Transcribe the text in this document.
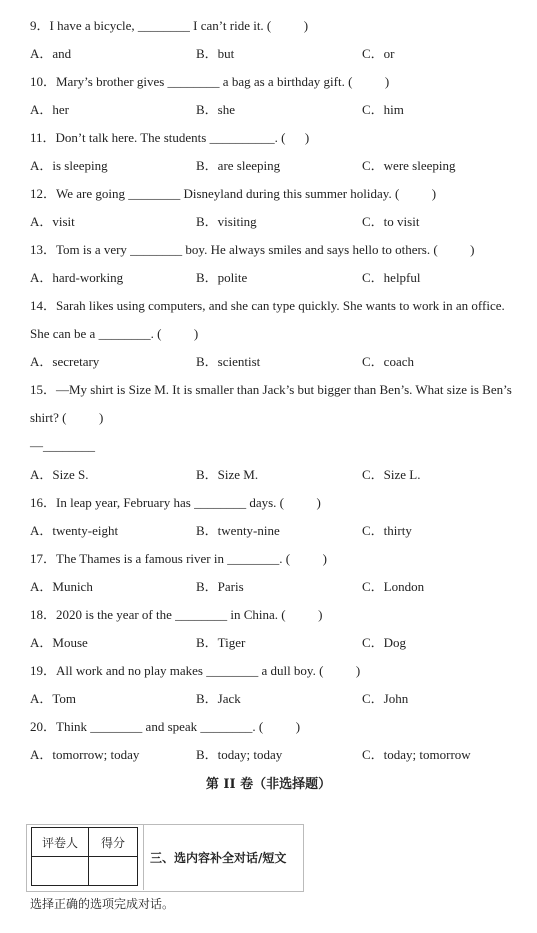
9．I have a bicycle, ________ I can’t ride it. (          )
A．and	B．but	C．or
10．Mary’s brother gives ________ a bag as a birthday gift. (          )
A．her	B．she	C．him
11．Don’t talk here. The students __________. (      )
A．is sleeping	B．are sleeping	C．were sleeping
12．We are going ________ Disneyland during this summer holiday. (          )
A．visit	B．visiting	C．to visit
13．Tom is a very ________ boy. He always smiles and says hello to others. (          )
A．hard-working	B．polite	C．helpful
14．Sarah likes using computers, and she can type quickly. She wants to work in an office.
She can be a ________. (          )
A．secretary	B．scientist	C．coach
15．—My shirt is Size M. It is smaller than Jack’s but bigger than Ben’s. What size is Ben’s
shirt? (          )
—________
A．Size S.	B．Size M.	C．Size L.
16．In leap year, February has ________ days. (          )
A．twenty-eight	B．twenty-nine	C．thirty
17．The Thames is a famous river in ________. (          )
A．Munich	B．Paris	C．London
18．2020 is the year of the ________ in China. (          )
A．Mouse	B．Tiger	C．Dog
19．All work and no play makes ________ a dull boy. (          )
A．Tom	B．Jack	C．John
20．Think ________ and speak ________. (          )
A．tomorrow; today	B．today; today	C．today; tomorrow
第 II 卷（非选择题）
评卷人	得分

三、选内容补全对话/短文
选择正确的选项完成对话。
